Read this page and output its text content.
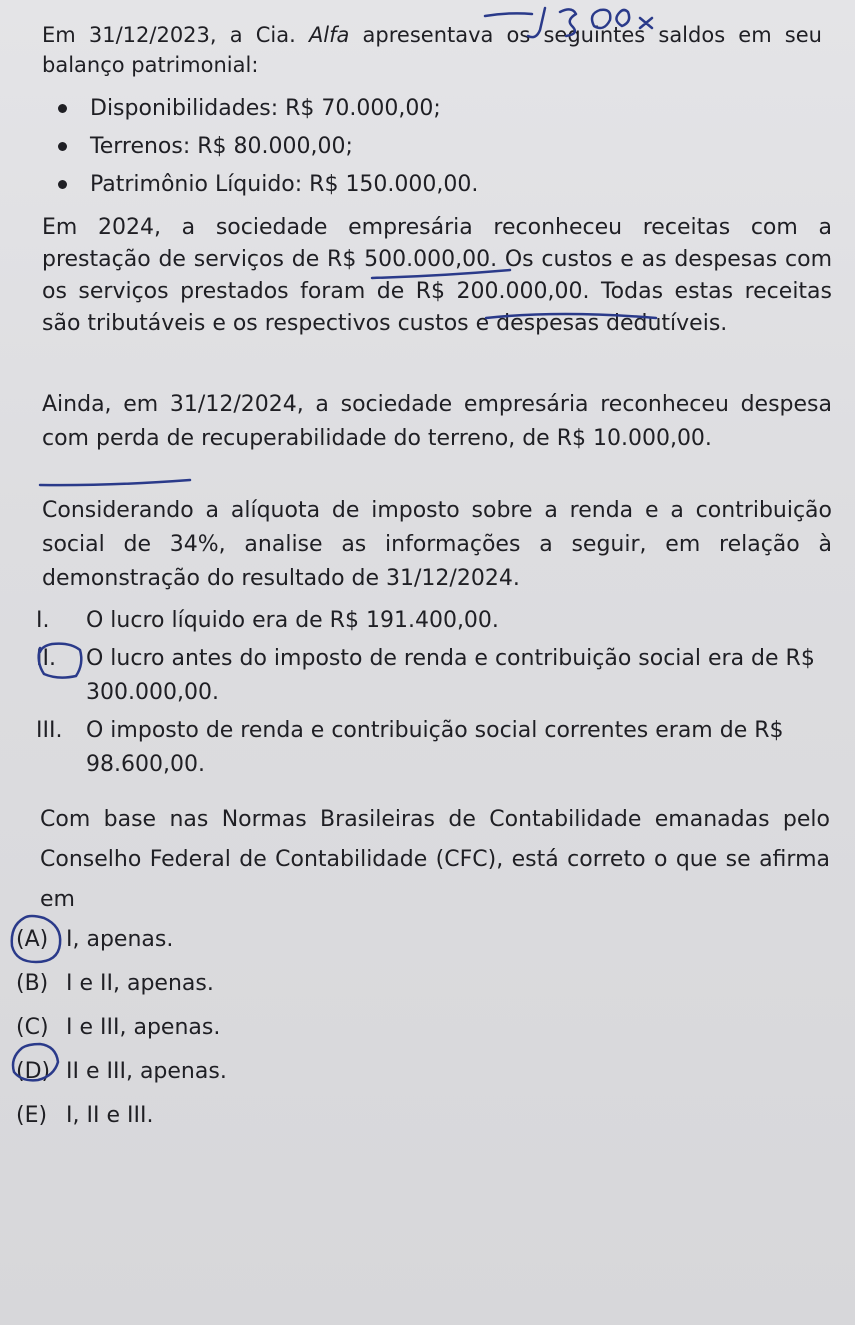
Em 31/12/2023, a Cia. Alfa apresentava os seguintes saldos em seu balanço patrimonial:
Disponibilidades: R$ 70.000,00;
Terrenos: R$ 80.000,00;
Patrimônio Líquido: R$ 150.000,00.
Em 2024, a sociedade empresária reconheceu receitas com a prestação de serviços de R$ 500.000,00. Os custos e as despesas com os serviços prestados foram de R$ 200.000,00. Todas estas receitas são tributáveis e os respectivos custos e despesas dedutíveis.
Ainda, em 31/12/2024, a sociedade empresária reconheceu despesa com perda de recuperabilidade do terreno, de R$ 10.000,00.
Considerando a alíquota de imposto sobre a renda e a contribuição social de 34%, analise as informações a seguir, em relação à demonstração do resultado de 31/12/2024.
I. O lucro líquido era de R$ 191.400,00.
II. O lucro antes do imposto de renda e contribuição social era de R$ 300.000,00.
III. O imposto de renda e contribuição social correntes eram de R$ 98.600,00.
Com base nas Normas Brasileiras de Contabilidade emanadas pelo Conselho Federal de Contabilidade (CFC), está correto o que se afirma em
(A) I, apenas.
(B) I e II, apenas.
(C) I e III, apenas.
(D) II e III, apenas.
(E) I, II e III.
